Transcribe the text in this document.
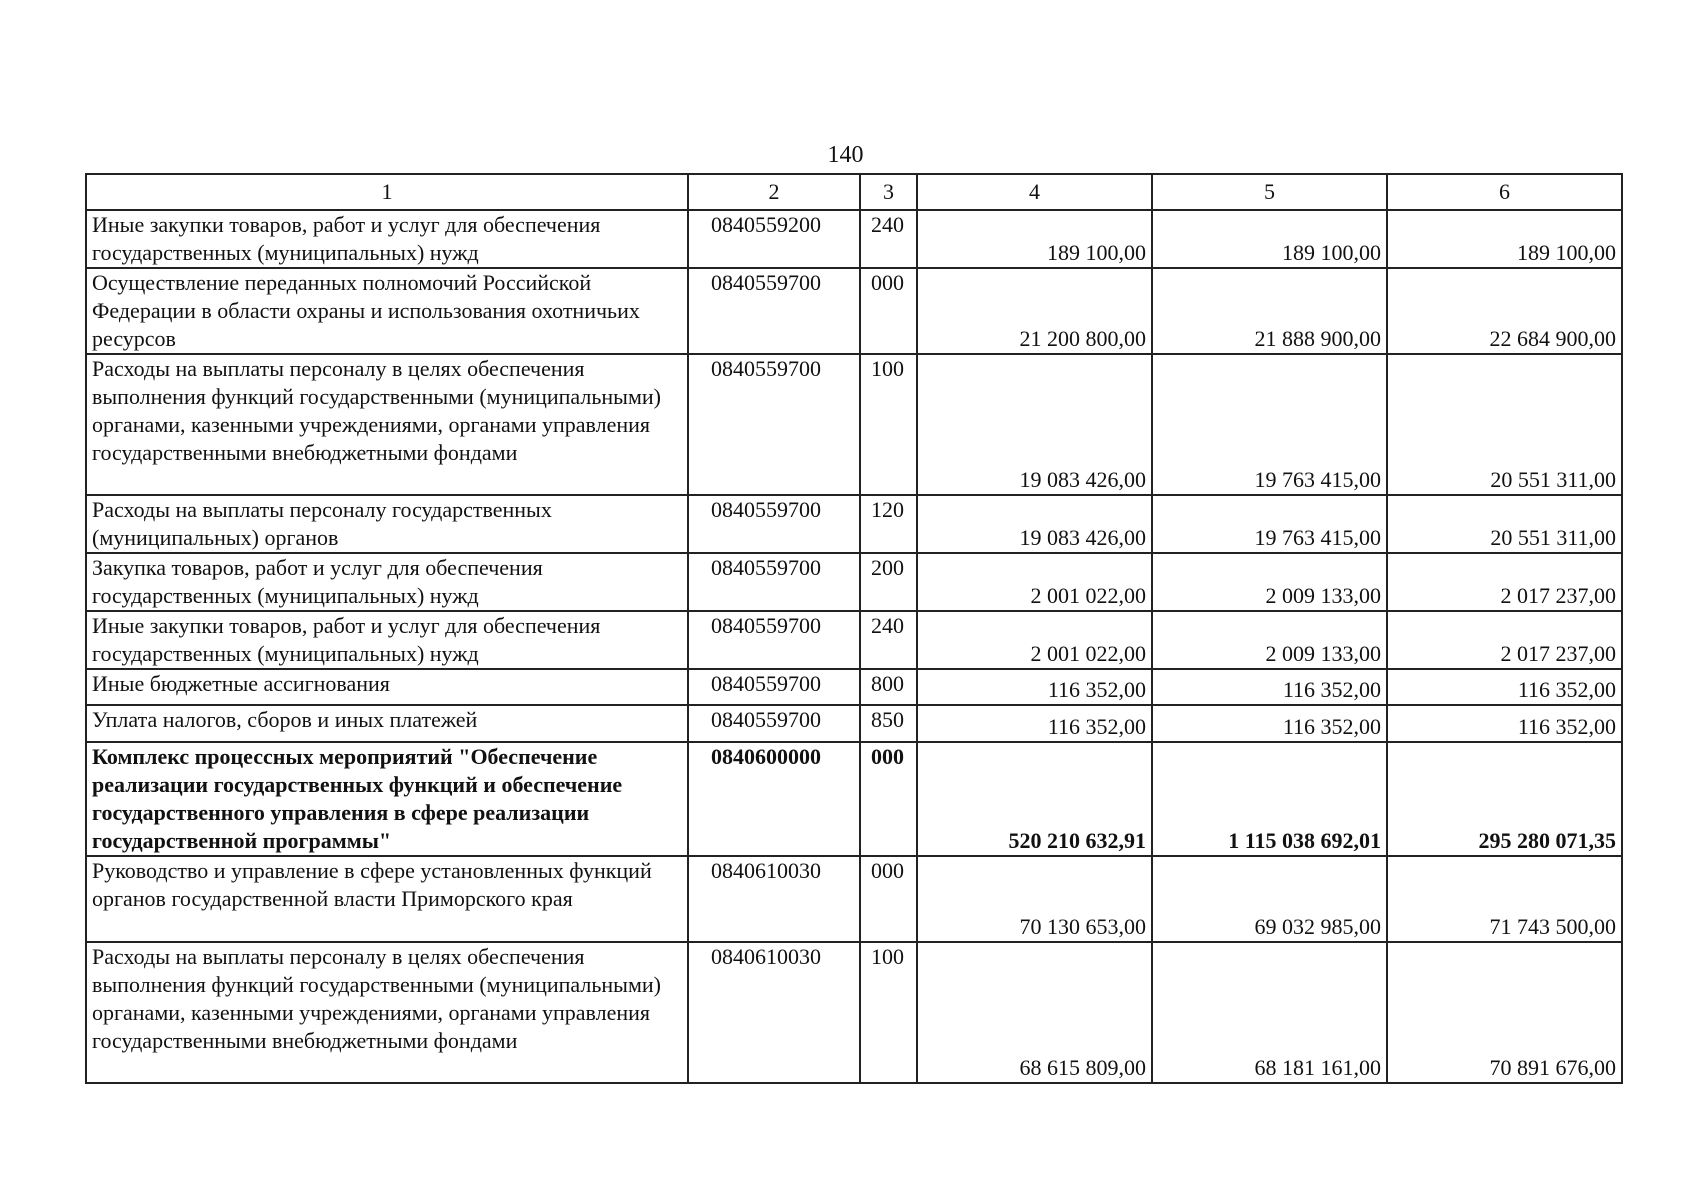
140
1	2	3	4	5	6
Иные закупки товаров, работ и услуг для обеспечения государственных (муниципальных) нужд	0840559200	240	189 100,00	189 100,00	189 100,00
Осуществление переданных полномочий Российской Федерации в области охраны и использования охотничьих ресурсов	0840559700	000	21 200 800,00	21 888 900,00	22 684 900,00
Расходы на выплаты персоналу в целях обеспечения выполнения функций государственными (муниципальными) органами, казенными учреждениями, органами управления государственными внебюджетными фондами	0840559700	100	19 083 426,00	19 763 415,00	20 551 311,00
Расходы на выплаты персоналу государственных (муниципальных) органов	0840559700	120	19 083 426,00	19 763 415,00	20 551 311,00
Закупка товаров, работ и услуг для обеспечения государственных (муниципальных) нужд	0840559700	200	2 001 022,00	2 009 133,00	2 017 237,00
Иные закупки товаров, работ и услуг для обеспечения государственных (муниципальных) нужд	0840559700	240	2 001 022,00	2 009 133,00	2 017 237,00
Иные бюджетные ассигнования	0840559700	800	116 352,00	116 352,00	116 352,00
Уплата налогов, сборов и иных платежей	0840559700	850	116 352,00	116 352,00	116 352,00
Комплекс процессных мероприятий "Обеспечение реализации государственных функций и обеспечение государственного управления в сфере реализации государственной программы"	0840600000	000	520 210 632,91	1 115 038 692,01	295 280 071,35
Руководство и управление в сфере установленных функций органов государственной власти Приморского края	0840610030	000	70 130 653,00	69 032 985,00	71 743 500,00
Расходы на выплаты персоналу в целях обеспечения выполнения функций государственными (муниципальными) органами, казенными учреждениями, органами управления государственными внебюджетными фондами	0840610030	100	68 615 809,00	68 181 161,00	70 891 676,00
